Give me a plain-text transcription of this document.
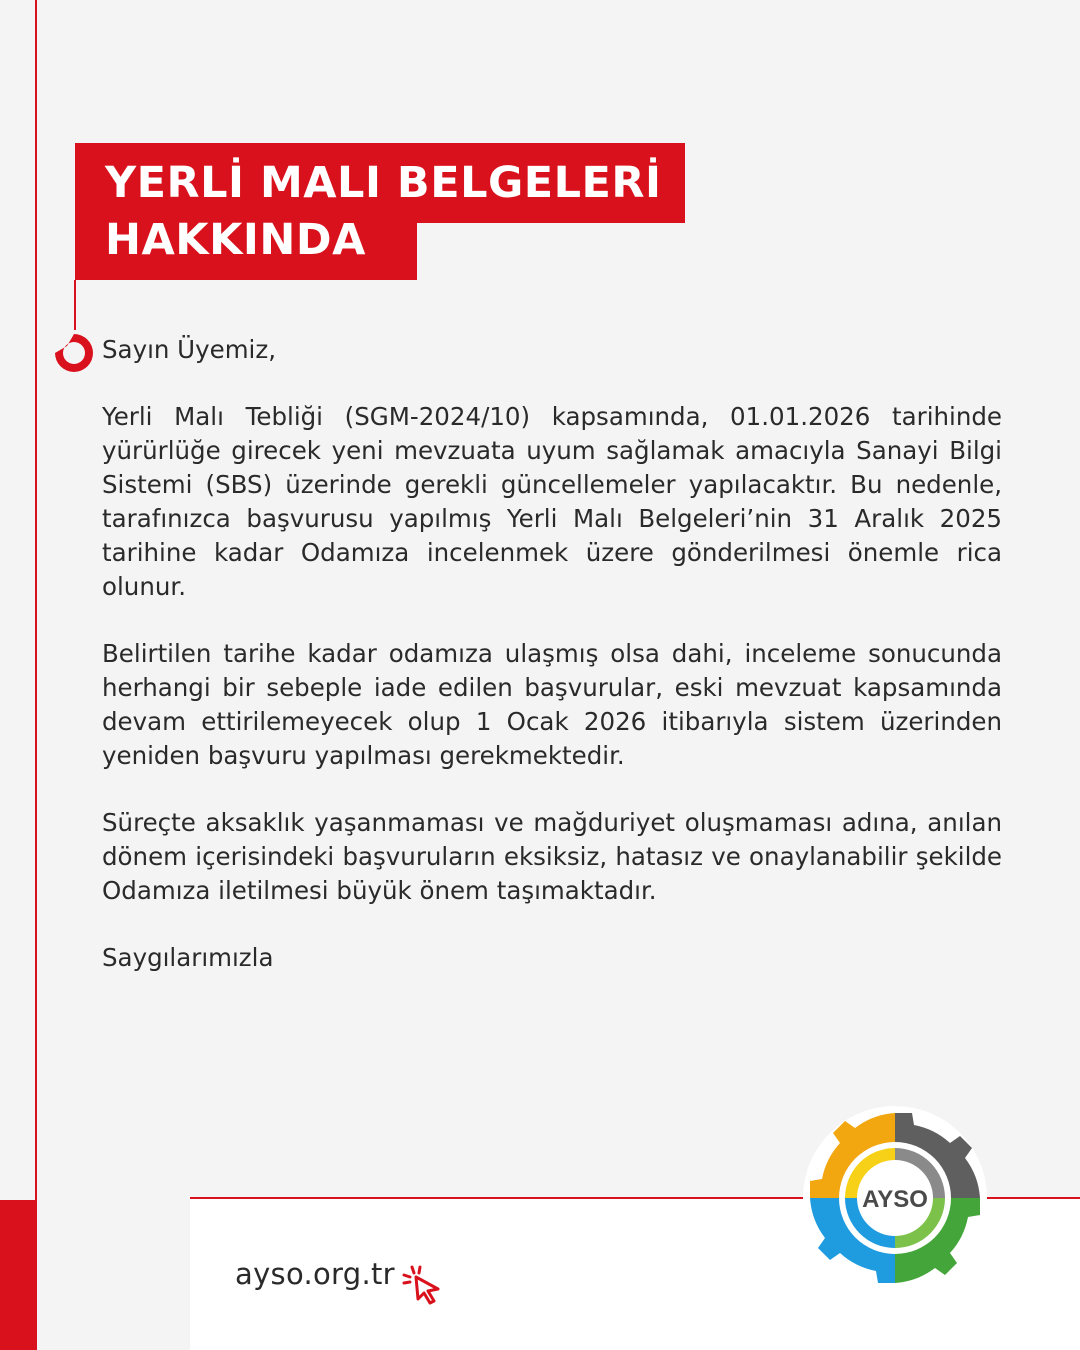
YERLİ MALI BELGELERİ
HAKKINDA

Sayın Üyemiz,

Yerli Malı Tebliği (SGM-2024/10) kapsamında, 01.01.2026 tarihinde yürürlüğe girecek yeni mevzuata uyum sağlamak amacıyla Sanayi Bilgi Sistemi (SBS) üzerinde gerekli güncellemeler yapılacaktır. Bu nedenle, tarafınızca başvurusu yapılmış Yerli Malı Belgeleri’nin 31 Aralık 2025 tarihine kadar Odamıza incelenmek üzere gönderilmesi önemle rica olunur.

Belirtilen tarihe kadar odamıza ulaşmış olsa dahi, inceleme sonucunda herhangi bir sebeple iade edilen başvurular, eski mevzuat kapsamında devam ettirilemeyecek olup 1 Ocak 2026 itibarıyla sistem üzerinden yeniden başvuru yapılması gerekmektedir.

Süreçte aksaklık yaşanmaması ve mağduriyet oluşmaması adına, anılan dönem içerisindeki başvuruların eksiksiz, hatasız ve onaylanabilir şekilde Odamıza iletilmesi büyük önem taşımaktadır.

Saygılarımızla

ayso.org.tr
AYSO
